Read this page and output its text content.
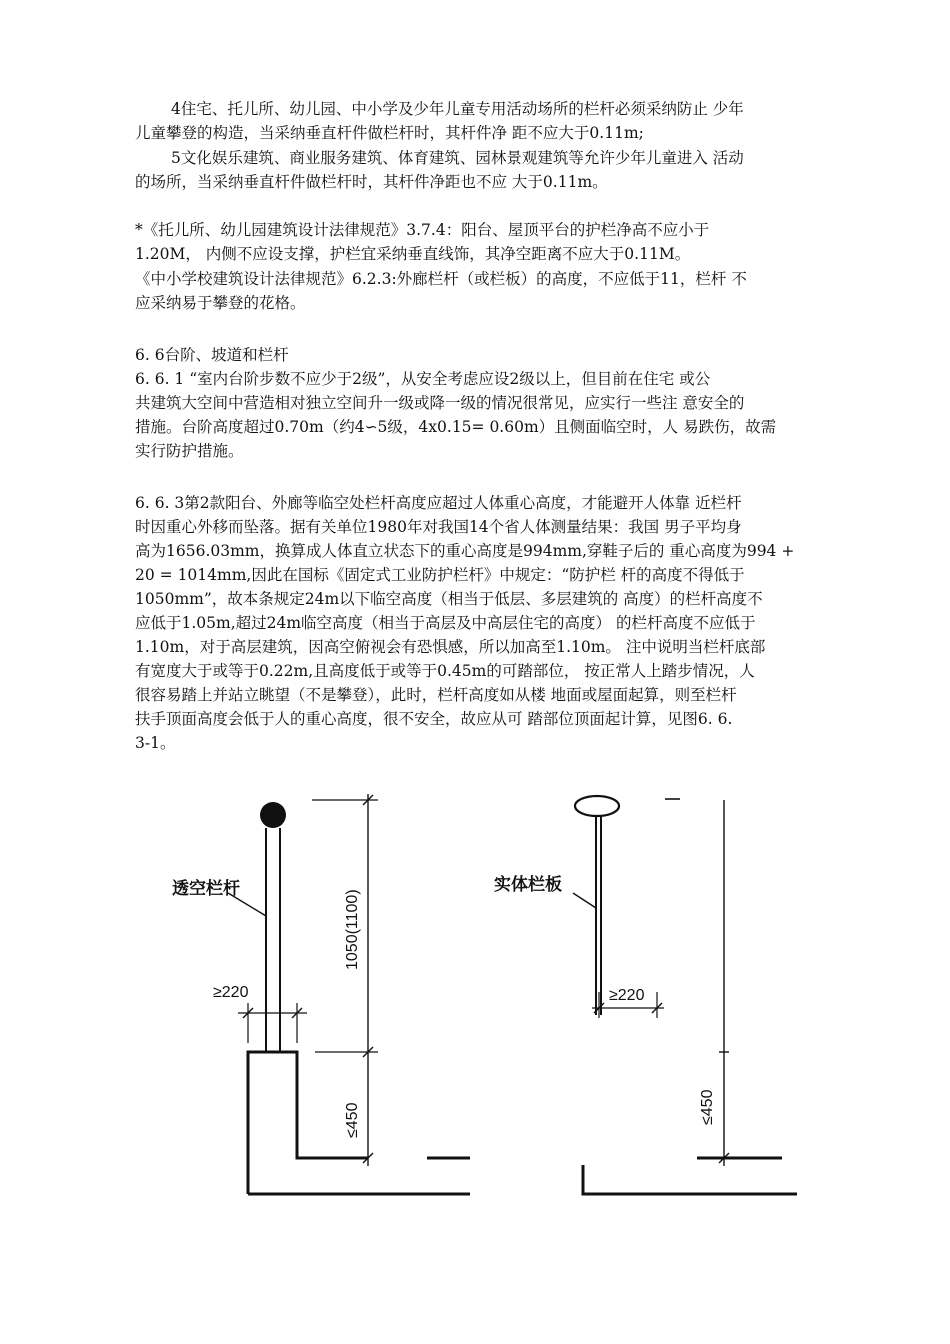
4住宅、托儿所、幼儿园、中小学及少年儿童专用活动场所的栏杆必须采纳防止 少年
儿童攀登的构造，当采纳垂直杆件做栏杆时，其杆件净 距不应大于0.11m;

5文化娱乐建筑、商业服务建筑、体育建筑、园林景观建筑等允许少年儿童进入 活动
的场所，当采纳垂直杆件做栏杆时，其杆件净距也不应 大于0.11m。

*《托儿所、幼儿园建筑设计法律规范》3.7.4：阳台、屋顶平台的护栏净高不应小于
1.20M， 内侧不应设支撑，护栏宜采纳垂直线饰，其净空距离不应大于0.11M。

《中小学校建筑设计法律规范》6.2.3:外廊栏杆（或栏板）的高度，不应低于11，栏杆 不
应采纳易于攀登的花格。

6. 6台阶、坡道和栏杆

6. 6. 1 “室内台阶步数不应少于2级”，从安全考虑应设2级以上，但目前在住宅 或公
共建筑大空间中营造相对独立空间升一级或降一级的情况很常见，应实行一些注 意安全的
措施。台阶高度超过0.70m（约4∽5级，4x0.15= 0.60m）且侧面临空时，人 易跌伤，故需
实行防护措施。

6. 6. 3第2款阳台、外廊等临空处栏杆高度应超过人体重心高度，才能避开人体靠 近栏杆
时因重心外移而坠落。据有关单位1980年对我国14个省人体测量结果：我国 男子平均身
高为1656.03mm，换算成人体直立状态下的重心高度是994mm,穿鞋子后的 重心高度为994 +
20 = 1014mm,因此在国标《固定式工业防护栏杆》中规定：“防护栏 杆的高度不得低于
1050mm”，故本条规定24m以下临空高度（相当于低层、多层建筑的 高度）的栏杆高度不
应低于1.05m,超过24m临空高度（相当于高层及中高层住宅的高度） 的栏杆高度不应低于
1.10m，对于高层建筑，因高空俯视会有恐惧感，所以加高至1.10m。 注中说明当栏杆底部
有宽度大于或等于0.22m,且高度低于或等于0.45m的可踏部位， 按正常人上踏步情况，人
很容易踏上并站立眺望（不是攀登），此时，栏杆高度如从楼 地面或屋面起算，则至栏杆
扶手顶面高度会低于人的重心高度，很不安全，故应从可 踏部位顶面起计算，见图6. 6.
3-1。

透空栏杆
≥220
1050(1100)
≤450
实体栏板
≥220
≤450
